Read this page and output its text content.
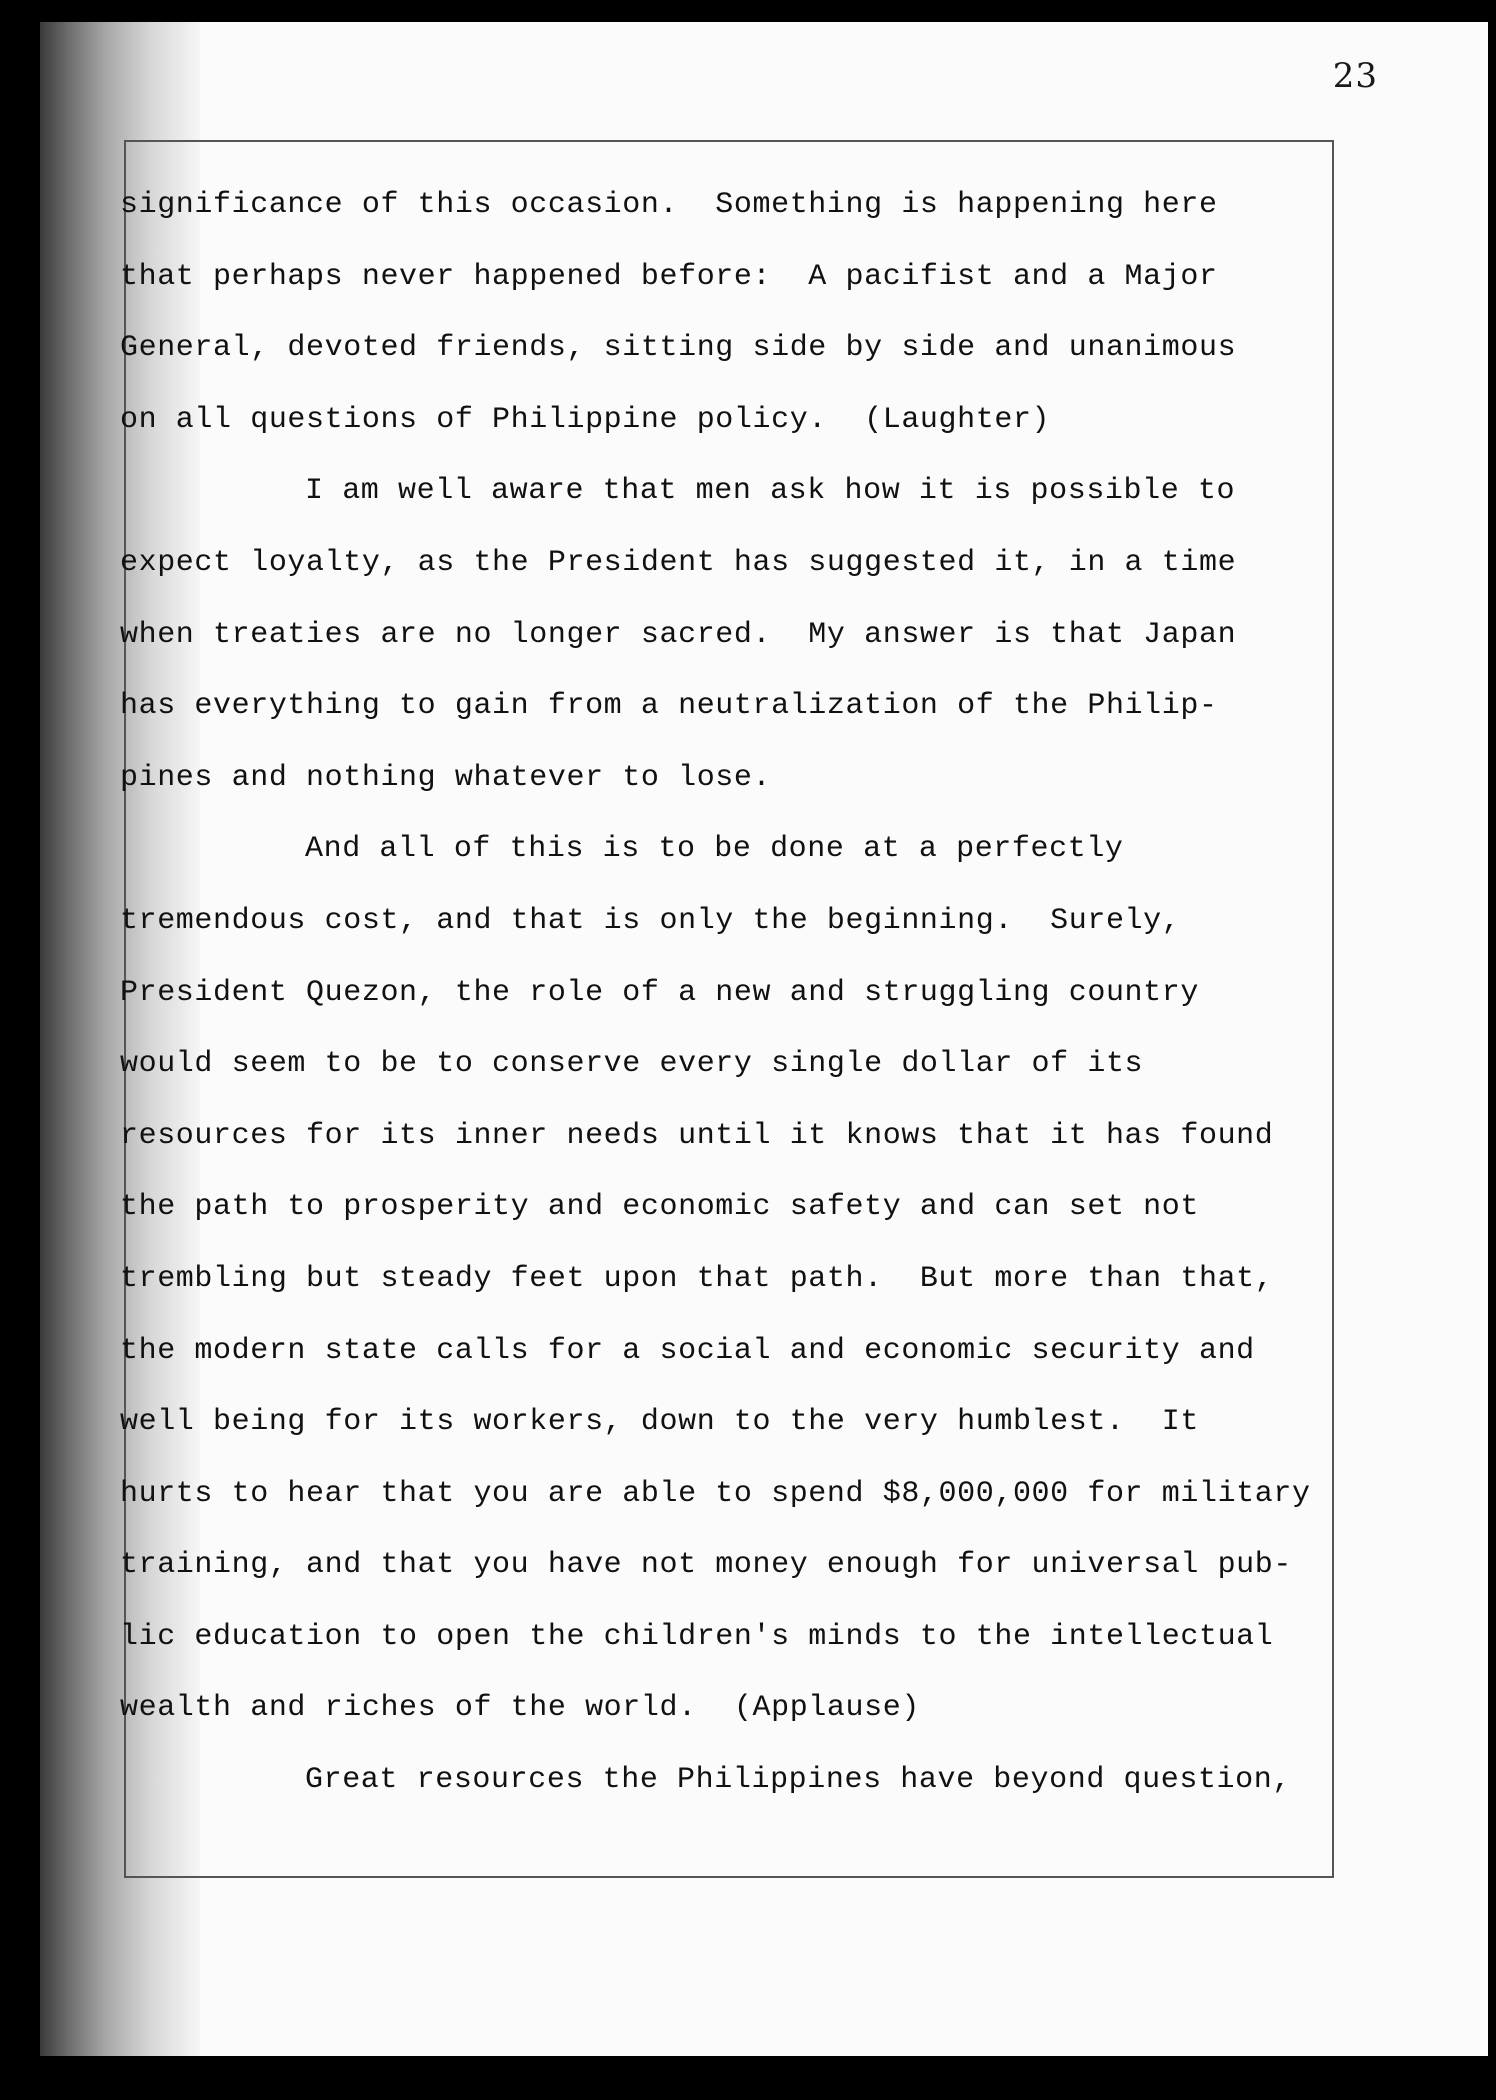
23
significance of this occasion.  Something is happening here
that perhaps never happened before:  A pacifist and a Major
General, devoted friends, sitting side by side and unanimous
on all questions of Philippine policy.  (Laughter)
I am well aware that men ask how it is possible to
expect loyalty, as the President has suggested it, in a time
when treaties are no longer sacred.  My answer is that Japan
has everything to gain from a neutralization of the Philip-
pines and nothing whatever to lose.
And all of this is to be done at a perfectly
tremendous cost, and that is only the beginning.  Surely,
President Quezon, the role of a new and struggling country
would seem to be to conserve every single dollar of its
resources for its inner needs until it knows that it has found
the path to prosperity and economic safety and can set not
trembling but steady feet upon that path.  But more than that,
the modern state calls for a social and economic security and
well being for its workers, down to the very humblest.  It
hurts to hear that you are able to spend $8,000,000 for military
training, and that you have not money enough for universal pub-
lic education to open the children's minds to the intellectual
wealth and riches of the world.  (Applause)
Great resources the Philippines have beyond question,
